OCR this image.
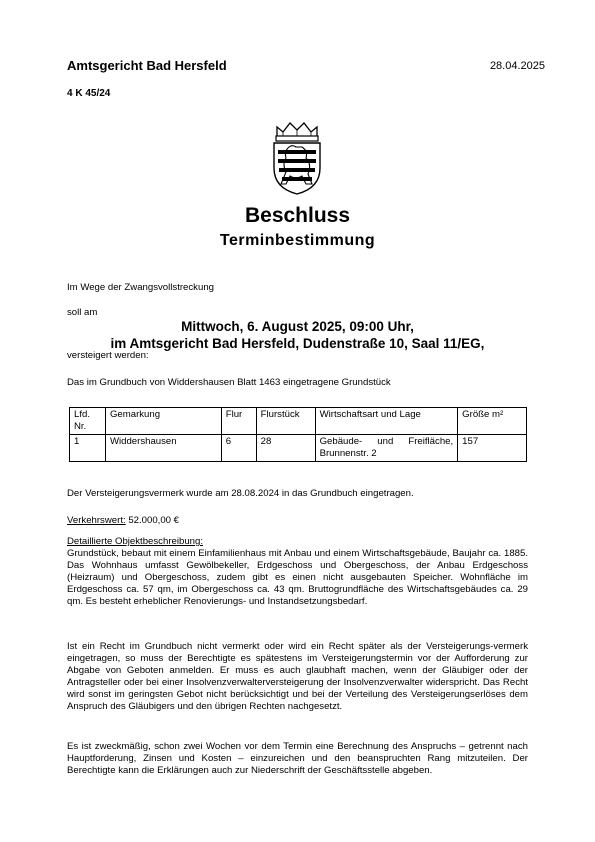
Amtsgericht Bad Hersfeld	28.04.2025
4 K 45/24
Beschluss
Terminbestimmung
Im Wege der Zwangsvollstreckung
soll am
Mittwoch, 6. August 2025, 09:00 Uhr,
im Amtsgericht Bad Hersfeld, Dudenstraße 10, Saal 11/EG,
versteigert werden:
Das im Grundbuch von Widdershausen Blatt 1463 eingetragene Grundstück
Lfd. Nr.	Gemarkung	Flur	Flurstück	Wirtschaftsart und Lage	Größe m²
1	Widdershausen	6	28	Gebäude- und Freifläche, Brunnenstr. 2	157
Der Versteigerungsvermerk wurde am 28.08.2024 in das Grundbuch eingetragen.
Verkehrswert: 52.000,00 €
Detaillierte Objektbeschreibung:
Grundstück, bebaut mit einem Einfamilienhaus mit Anbau und einem Wirtschaftsgebäude, Baujahr ca. 1885. Das Wohnhaus umfasst Gewölbekeller, Erdgeschoss und Obergeschoss, der Anbau Erdgeschoss (Heizraum) und Obergeschoss, zudem gibt es einen nicht ausgebauten Speicher. Wohnfläche im Erdgeschoss ca. 57 qm, im Obergeschoss ca. 43 qm. Bruttogrundfläche des Wirtschaftsgebäudes ca. 29 qm. Es besteht erheblicher Renovierungs- und Instandsetzungsbedarf.
Ist ein Recht im Grundbuch nicht vermerkt oder wird ein Recht später als der Versteigerungs-vermerk eingetragen, so muss der Berechtigte es spätestens im Versteigerungstermin vor der Aufforderung zur Abgabe von Geboten anmelden. Er muss es auch glaubhaft machen, wenn der Gläubiger oder der Antragsteller oder bei einer Insolvenzverwalterversteigerung der Insolvenzverwalter widerspricht. Das Recht wird sonst im geringsten Gebot nicht berücksichtigt und bei der Verteilung des Versteigerungserlöses dem Anspruch des Gläubigers und den übrigen Rechten nachgesetzt.
Es ist zweckmäßig, schon zwei Wochen vor dem Termin eine Berechnung des Anspruchs – getrennt nach Hauptforderung, Zinsen und Kosten – einzureichen und den beanspruchten Rang mitzuteilen. Der Berechtigte kann die Erklärungen auch zur Niederschrift der Geschäftsstelle abgeben.
